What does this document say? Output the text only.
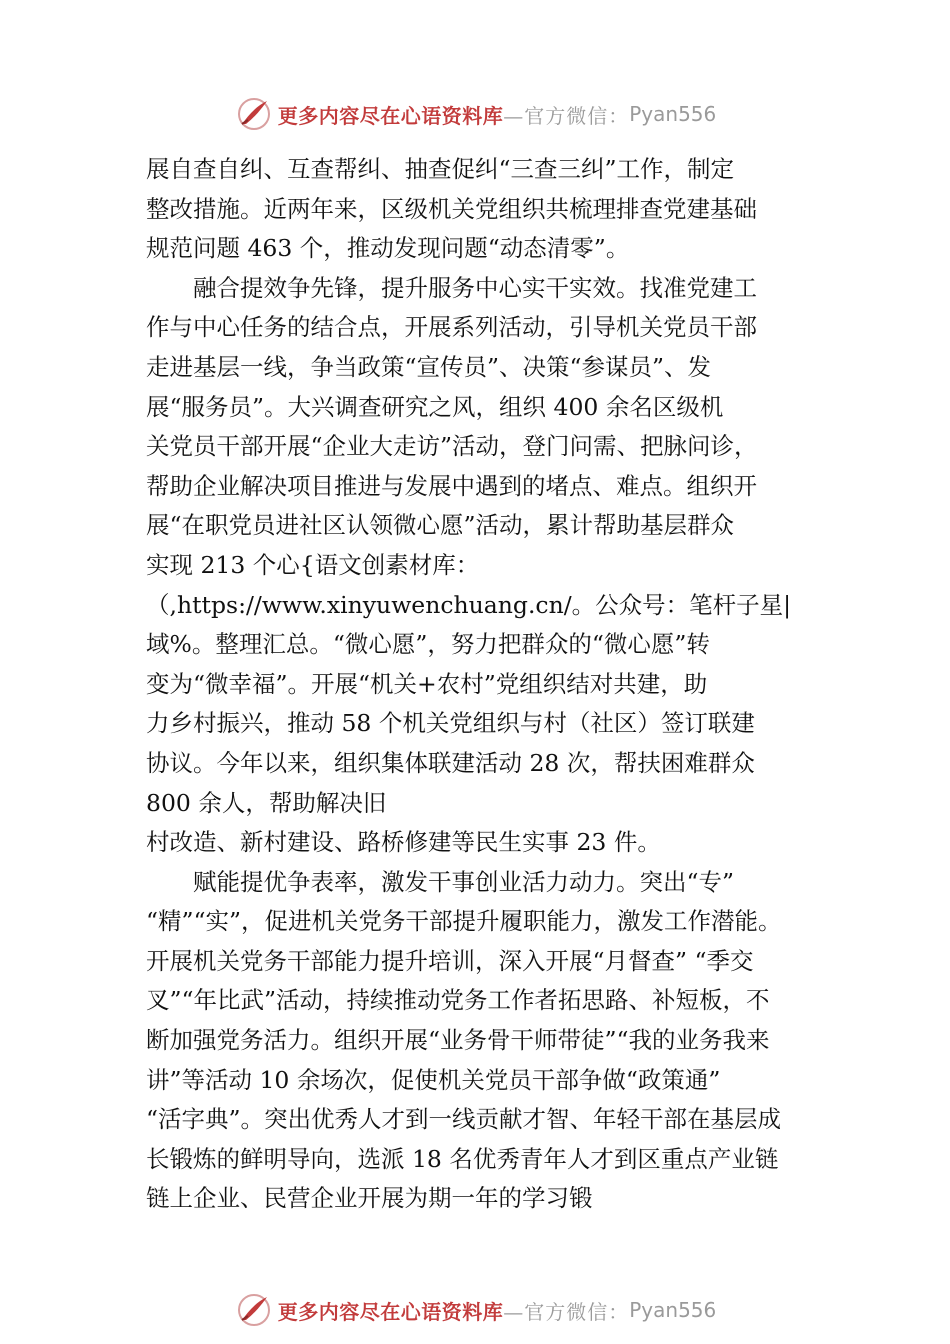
更多内容尽在心语资料库 —官方微信： Pyan556
展自查自纠、互查帮纠、抽查促纠“三查三纠”工作，制定
整改措施。近两年来，区级机关党组织共梳理排查党建基础
规范问题 463 个，推动发现问题“动态清零”。
融合提效争先锋，提升服务中心实干实效。找准党建工
作与中心任务的结合点，开展系列活动，引导机关党员干部
走进基层一线，争当政策“宣传员”、决策“参谋员”、发
展“服务员”。大兴调查研究之风，组织 400 余名区级机
关党员干部开展“企业大走访”活动，登门问需、把脉问诊，
帮助企业解决项目推进与发展中遇到的堵点、难点。组织开
展“在职党员进社区认领微心愿”活动，累计帮助基层群众
实现 213 个心{语文创素材库：
（,https://www.xinyuwenchuang.cn/。公众号：笔杆子星|
域%。整理汇总。“微心愿”，努力把群众的“微心愿”转
变为“微幸福”。开展“机关+农村”党组织结对共建，助
力乡村振兴，推动 58 个机关党组织与村（社区）签订联建
协议。今年以来，组织集体联建活动 28 次，帮扶困难群众
800 余人，帮助解决旧
村改造、新村建设、路桥修建等民生实事 23 件。
赋能提优争表率，激发干事创业活力动力。突出“专”
“精”“实”，促进机关党务干部提升履职能力，激发工作潜能。
开展机关党务干部能力提升培训，深入开展“月督查” “季交
叉”“年比武”活动，持续推动党务工作者拓思路、补短板，不
断加强党务活力。组织开展“业务骨干师带徒”“我的业务我来
讲”等活动 10 余场次，促使机关党员干部争做“政策通”
“活字典”。突出优秀人才到一线贡献才智、年轻干部在基层成
长锻炼的鲜明导向，选派 18 名优秀青年人才到区重点产业链
链上企业、民营企业开展为期一年的学习锻
更多内容尽在心语资料库 —官方微信： Pyan556
